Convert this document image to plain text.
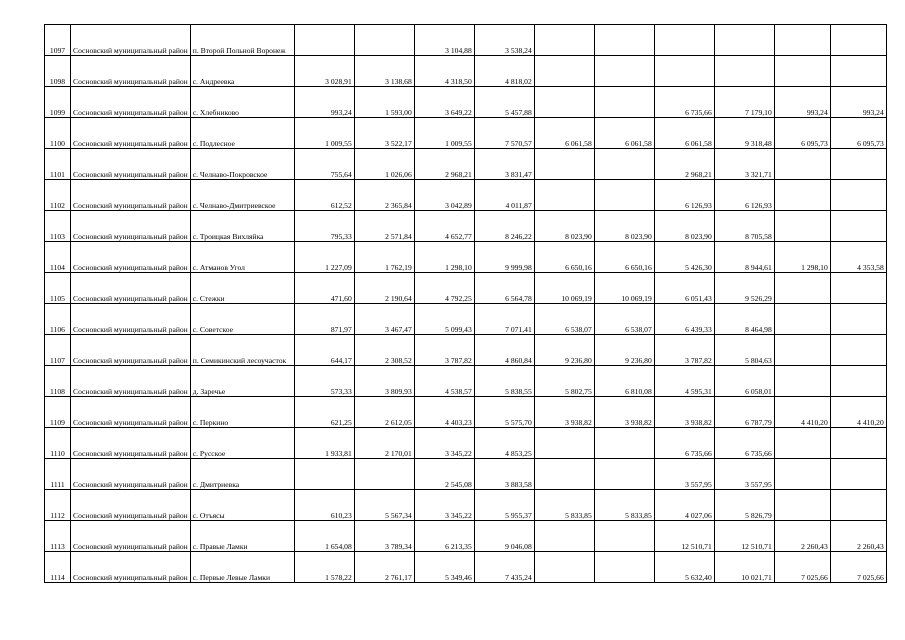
1097	Сосновский муниципальный район	п. Второй Польной Воронеж			3 104,88	3 538,24						
1098	Сосновский муниципальный район	с. Андреевка	3 028,91	3 138,68	4 318,50	4 818,02						
1099	Сосновский муниципальный район	с. Хлебниково	993,24	1 593,00	3 649,22	5 457,88			6 735,66	7 179,10	993,24	993,24
1100	Сосновский муниципальный район	с. Подлесное	1 009,55	3 522,17	1 009,55	7 570,57	6 061,58	6 061,58	6 061,58	9 318,48	6 095,73	6 095,73
1101	Сосновский муниципальный район	с. Челнаво-Покровское	755,64	1 026,06	2 968,21	3 831,47			2 968,21	3 321,71		
1102	Сосновский муниципальный район	с. Челнаво-Дмитриевское	612,52	2 365,84	3 042,89	4 011,87			6 126,93	6 126,93		
1103	Сосновский муниципальный район	с. Троицкая Вихляйка	795,33	2 571,84	4 652,77	8 246,22	8 023,90	8 023,90	8 023,90	8 705,58		
1104	Сосновский муниципальный район	с. Атманов Угол	1 227,09	1 762,19	1 298,10	9 999,98	6 650,16	6 650,16	5 426,30	8 944,61	1 298,10	4 353,58
1105	Сосновский муниципальный район	с. Стежки	471,60	2 190,64	4 792,25	6 564,78	10 069,19	10 069,19	6 051,43	9 526,29		
1106	Сосновский муниципальный район	с. Советское	871,97	3 467,47	5 099,43	7 071,41	6 538,07	6 538,07	6 439,33	8 464,98		
1107	Сосновский муниципальный район	п. Семикинский лесоучасток	644,17	2 308,52	3 787,82	4 860,84	9 236,80	9 236,80	3 787,82	5 804,63		
1108	Сосновский муниципальный район	д. Заречье	573,33	3 809,93	4 538,57	5 838,55	5 802,75	6 810,08	4 595,31	6 058,01		
1109	Сосновский муниципальный район	с. Перкино	621,25	2 612,05	4 403,23	5 575,70	3 938,82	3 938,82	3 938,82	6 787,79	4 410,20	4 410,20
1110	Сосновский муниципальный район	с. Русское	1 933,81	2 170,01	3 345,22	4 853,25			6 735,66	6 735,66		
1111	Сосновский муниципальный район	с. Дмитриевка			2 545,08	3 883,58			3 557,95	3 557,95		
1112	Сосновский муниципальный район	с. Отъясы	610,23	5 567,34	3 345,22	5 955,37	5 833,85	5 833,85	4 027,06	5 826,79		
1113	Сосновский муниципальный район	с. Правые Ламки	1 654,08	3 789,34	6 213,35	9 046,08			12 510,71	12 510,71	2 260,43	2 260,43
1114	Сосновский муниципальный район	с. Первые Левые Ламки	1 578,22	2 761,17	5 349,46	7 435,24			5 632,40	10 021,71	7 025,66	7 025,66
